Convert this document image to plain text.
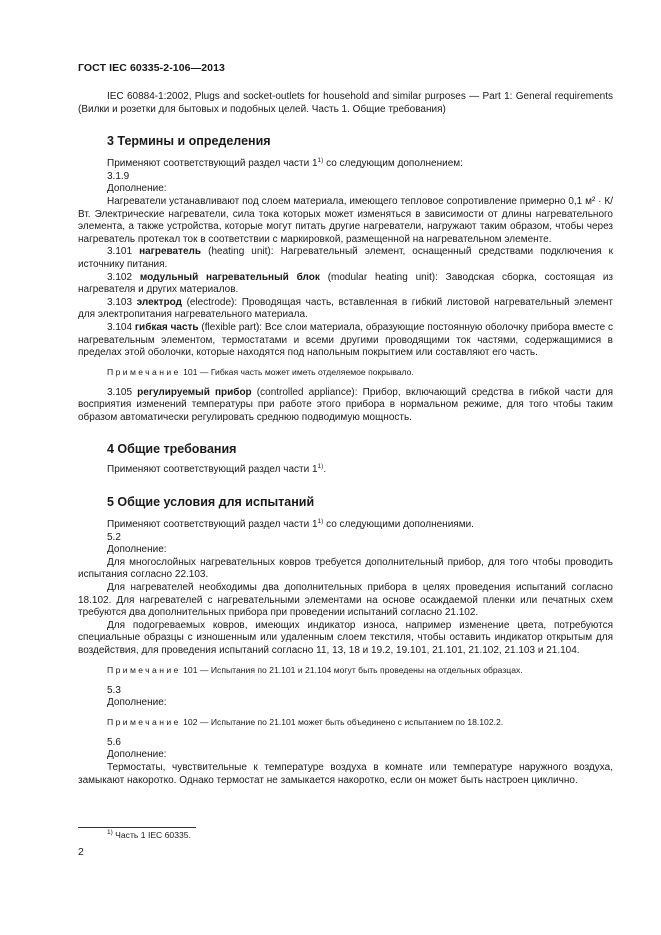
ГОСТ IEC 60335-2-106—2013

IEC 60884-1:2002, Plugs and socket-outlets for household and similar purposes — Part 1: General requirements (Вилки и розетки для бытовых и подобных целей. Часть 1. Общие требования)

3 Термины и определения

Применяют соответствующий раздел части 1$^{1)}$ со следующим дополнением:

3.1.9

Дополнение:

Нагреватели устанавливают под слоем материала, имеющего тепловое сопротивление примерно 0,1 м² · К/Вт. Электрические нагреватели, сила тока которых может изменяться в зависимости от длины нагревательного элемента, а также устройства, которые могут питать другие нагреватели, нагружают таким образом, чтобы через нагреватель протекал ток в соответствии с маркировкой, размещенной на нагревательном элементе.

3.101 нагреватель (heating unit): Нагревательный элемент, оснащенный средствами подключения к источнику питания.

3.102 модульный нагревательный блок (modular heating unit): Заводская сборка, состоящая из нагревателя и других материалов.

3.103 электрод (electrode): Проводящая часть, вставленная в гибкий листовой нагревательный элемент для электропитания нагревательного материала.

3.104 гибкая часть (flexible part): Все слои материала, образующие постоянную оболочку прибора вместе с нагревательным элементом, термостатами и всеми другими проводящими ток частями, содержащимися в пределах этой оболочки, которые находятся под напольным покрытием или составляют его часть.

Примечание 101 — Гибкая часть может иметь отделяемое покрывало.

3.105 регулируемый прибор (controlled appliance): Прибор, включающий средства в гибкой части для восприятия изменений температуры при работе этого прибора в нормальном режиме, для того чтобы таким образом автоматически регулировать среднюю подводимую мощность.

4 Общие требования

Применяют соответствующий раздел части 1$^{1)}$.

5 Общие условия для испытаний

Применяют соответствующий раздел части 1$^{1)}$ со следующими дополнениями.

5.2

Дополнение:

Для многослойных нагревательных ковров требуется дополнительный прибор, для того чтобы проводить испытания согласно 22.103.

Для нагревателей необходимы два дополнительных прибора в целях проведения испытаний согласно 18.102. Для нагревателей с нагревательными элементами на основе осаждаемой пленки или печатных схем требуются два дополнительных прибора при проведении испытаний согласно 21.102.

Для подогреваемых ковров, имеющих индикатор износа, например изменение цвета, потребуются специальные образцы с изношенным или удаленным слоем текстиля, чтобы оставить индикатор открытым для воздействия, для проведения испытаний согласно 11, 13, 18 и 19.2, 19.101, 21.101, 21.102, 21.103 и 21.104.

Примечание 101 — Испытания по 21.101 и 21.104 могут быть проведены на отдельных образцах.

5.3

Дополнение:

Примечание 102 — Испытание по 21.101 может быть объединено с испытанием по 18.102.2.

5.6

Дополнение:

Термостаты, чувствительные к температуре воздуха в комнате или температуре наружного воздуха, замыкают накоротко. Однако термостат не замыкается накоротко, если он может быть настроен циклично.

$^{1)}$ Часть 1 IEC 60335.
2
